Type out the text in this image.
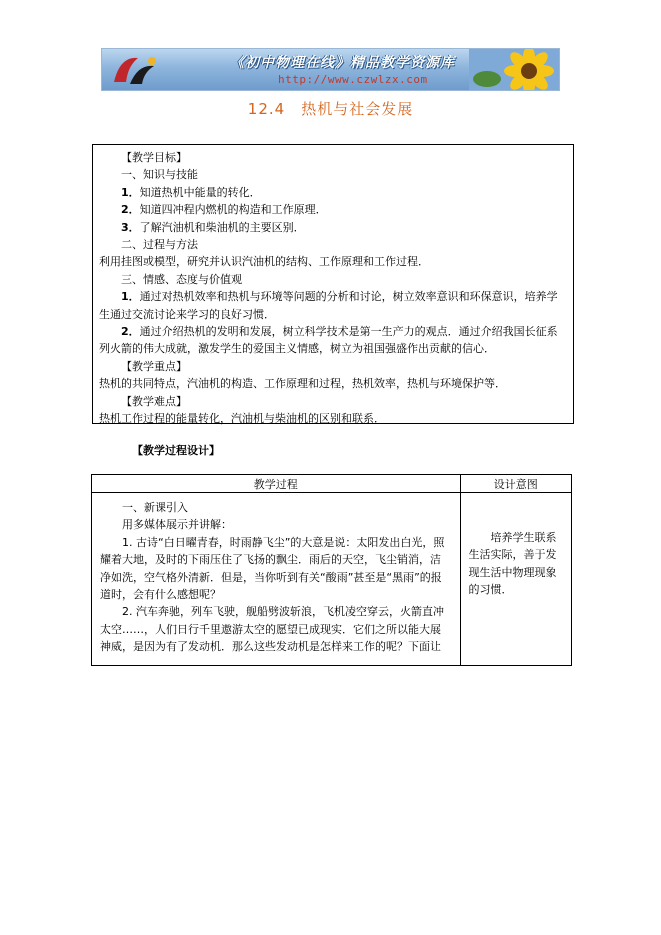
《初中物理在线》精品教学资源库
http://www.czwlzx.com
12.4　热机与社会发展

【教学目标】

一、知识与技能

1．知道热机中能量的转化．

2．知道四冲程内燃机的构造和工作原理．

3．了解汽油机和柴油机的主要区别．

二、过程与方法

利用挂图或模型，研究并认识汽油机的结构、工作原理和工作过程．

三、情感、态度与价值观

1．通过对热机效率和热机与环境等问题的分析和讨论，树立效率意识和环保意识，培养学生通过交流讨论来学习的良好习惯．

2．通过介绍热机的发明和发展，树立科学技术是第一生产力的观点．通过介绍我国长征系列火箭的伟大成就，激发学生的爱国主义情感，树立为祖国强盛作出贡献的信心．

【教学重点】

热机的共同特点，汽油机的构造、工作原理和过程，热机效率，热机与环境保护等．

【教学难点】

热机工作过程的能量转化，汽油机与柴油机的区别和联系．

【教学过程设计】
教学过程	设计意图

一、新课引入

用多媒体展示并讲解：

1. 古诗“白日曜青春，时雨静飞尘”的大意是说：太阳发出白光，照耀着大地，及时的下雨压住了飞扬的飘尘．雨后的天空，飞尘销消，洁净如洗，空气格外清新．但是，当你听到有关“酸雨”甚至是“黑雨”的报道时，会有什么感想呢？

2. 汽车奔驰，列车飞驶，舰船劈波斩浪，飞机凌空穿云，火箭直冲太空……，人们日行千里遨游太空的愿望已成现实．它们之所以能大展神威，是因为有了发动机．那么这些发动机是怎样来工作的呢？下面让	培养学生联系生活实际，善于发现生活中物理现象的习惯．
